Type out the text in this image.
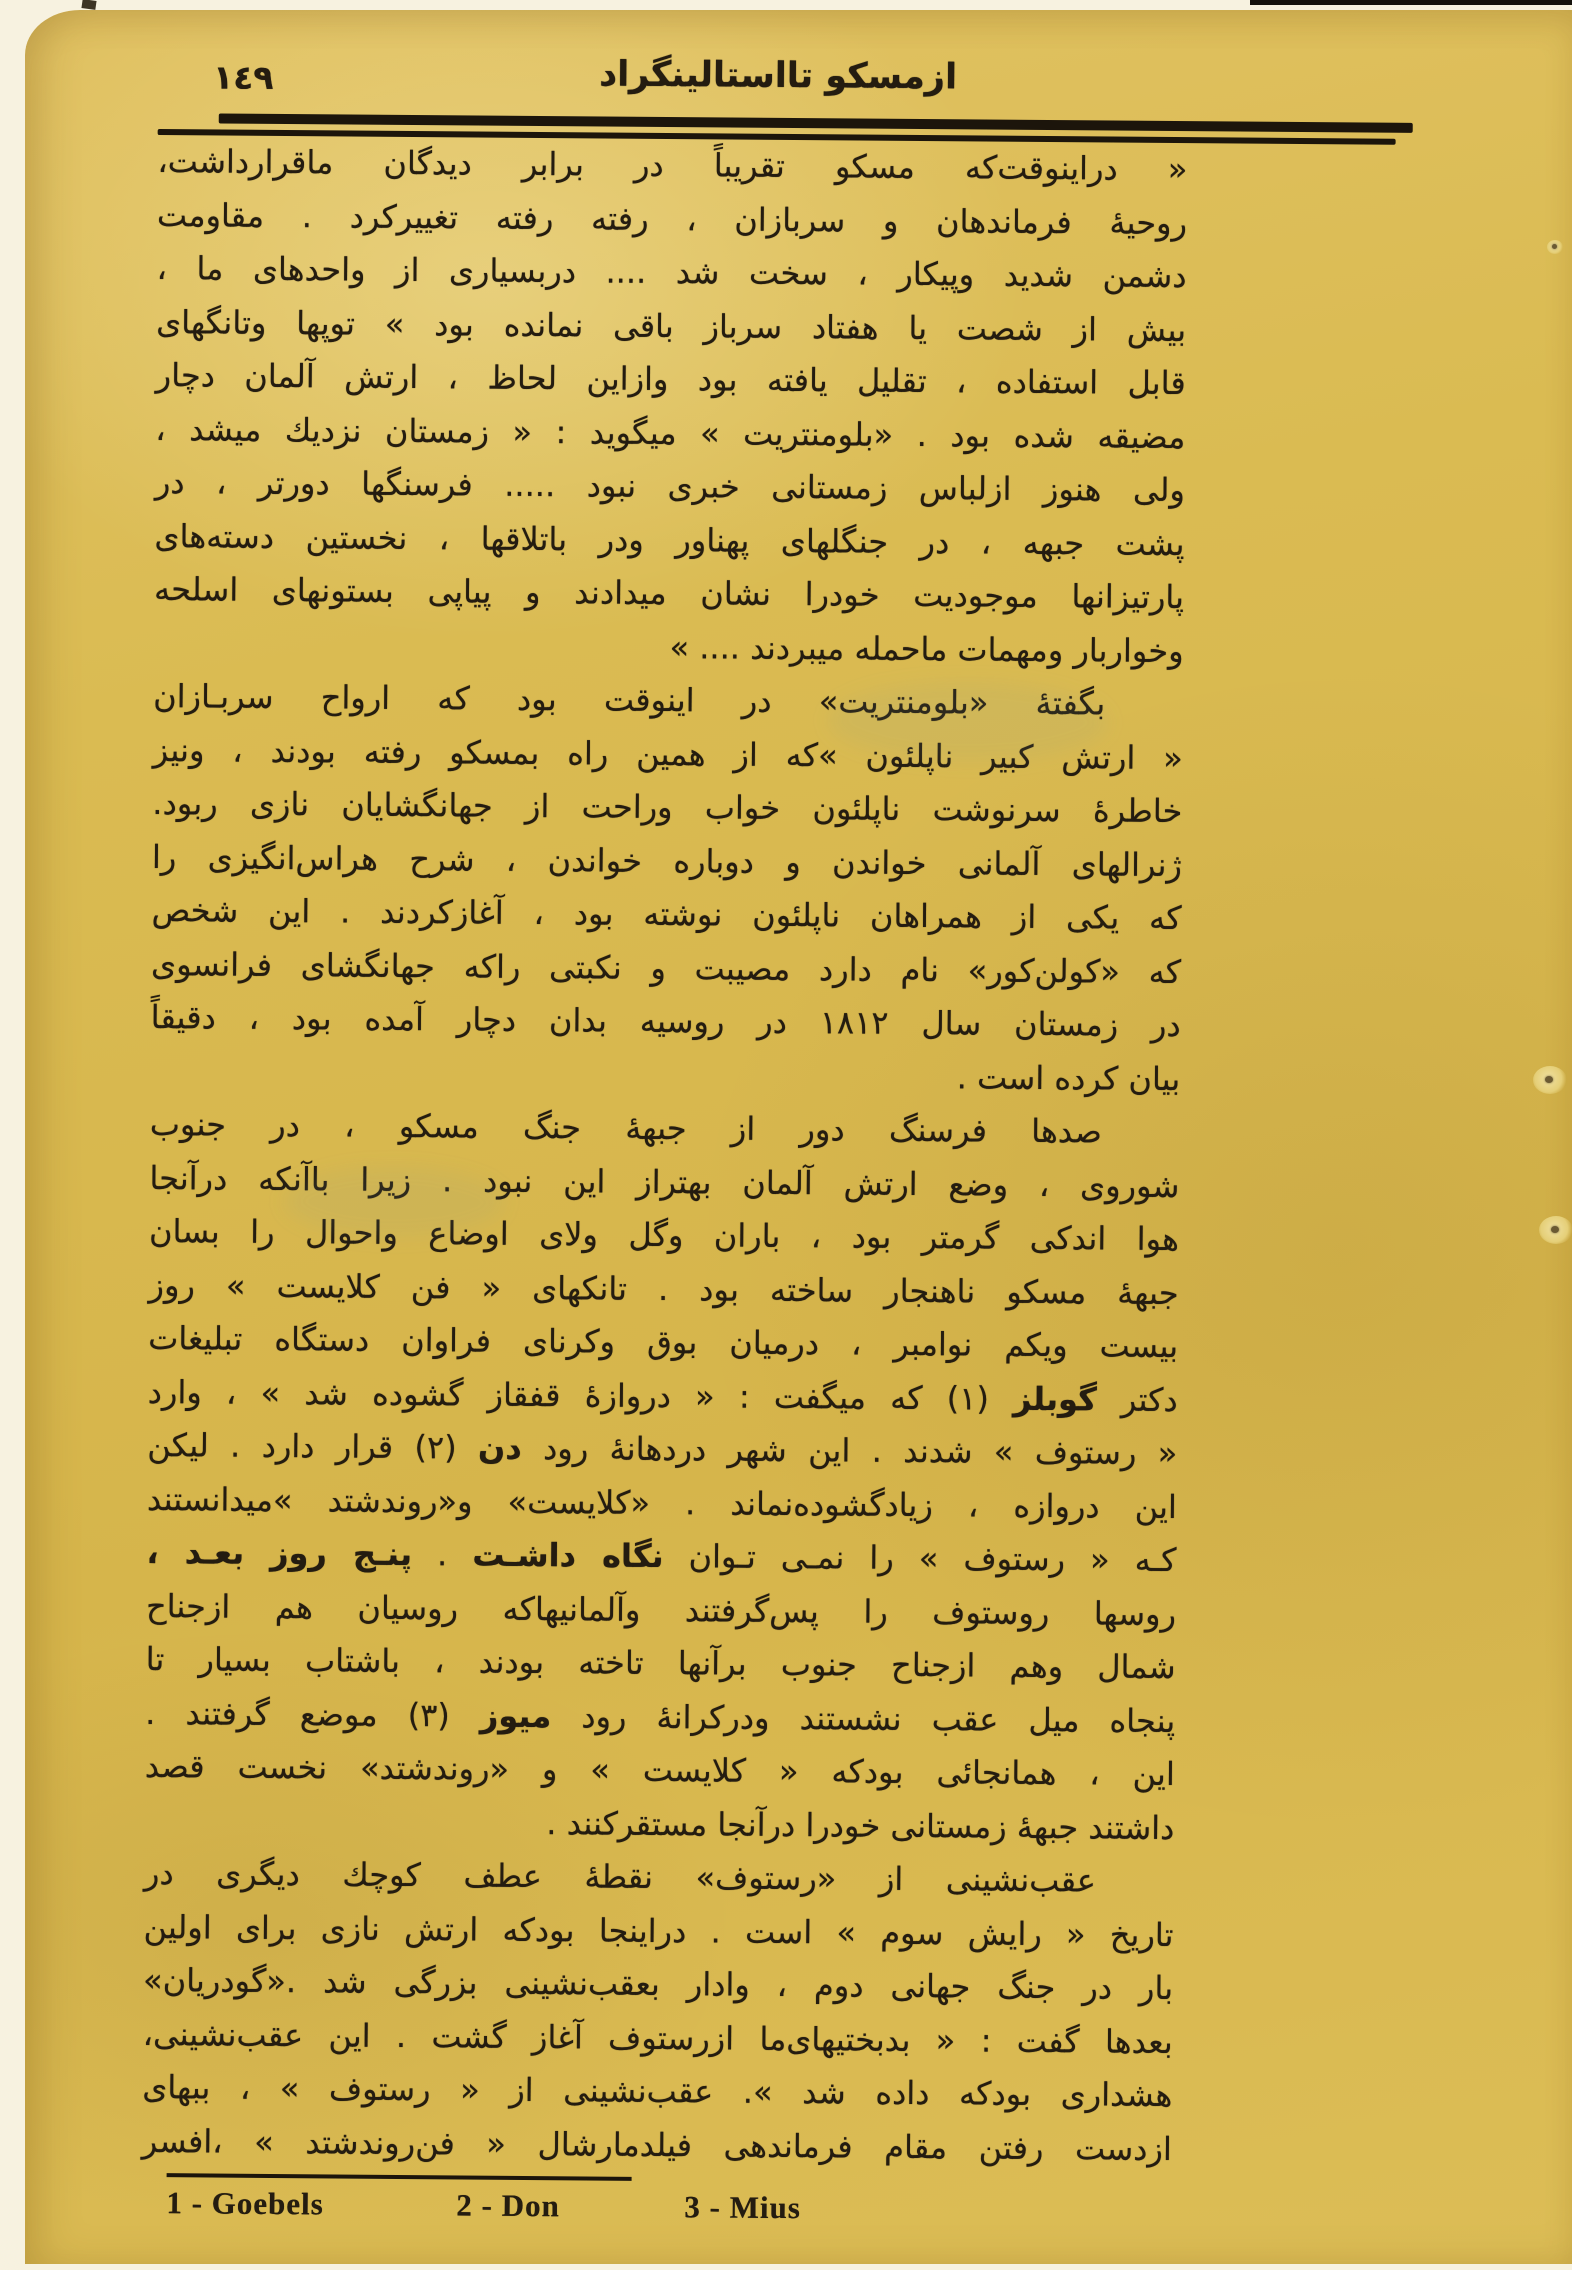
١٤٩	ازمسکو تااستالینگراد
« دراینوقت‌که مسکو تقریباً در برابر دیدگان ماقرارداشت،
روحیهٔ فرماندهان و سربازان ، رفته رفته تغییرکرد . مقاومت
دشمن شدید وپیکار ، سخت شد .... دربسیاری از واحدهای ما ،
بیش از شصت یا هفتاد سرباز باقی نمانده بود » توپها وتانگهای
قابل استفاده ، تقلیل یافته بود وازاین لحاظ ، ارتش آلمان دچار
مضیقه شده بود . «بلومنتریت » میگوید : « زمستان نزدیك میشد ،
ولی هنوز ازلباس زمستانی خبری نبود ..... فرسنگها دورتر ، در
پشت جبهه ، در جنگلهای پهناور ودر باتلاقها ، نخستین دسته‌های
پارتیزانها موجودیت خودرا نشان میدادند و پیاپی بستونهای اسلحه
وخواربار ومهمات ماحمله میبردند .... »
بگفتهٔ «بلومنتریت» در اینوقت بود که ارواح سربـازان
« ارتش کبیر ناپلئون »که از همین راه بمسکو رفته بودند ، ونیز
خاطرهٔ سرنوشت ناپلئون خواب وراحت از جهانگشایان نازی ربود.
ژنرالهای آلمانی خواندن و دوباره خواندن ، شرح هراس‌انگیزی را
که یکی از همراهان ناپلئون نوشته بود ، آغازکردند . این شخص
که «کولن‌کور» نام دارد مصیبت و نکبتی راکه جهانگشای فرانسوی
در زمستان سال ١٨١٢ در روسیه بدان دچار آمده بود ، دقیقاً
بیان کرده است .
صدها فرسنگ دور از جبههٔ جنگ مسکو ، در جنوب
شوروی ، وضع ارتش آلمان بهتراز این نبود . زیرا باآنکه درآنجا
هوا اندکی گرمتر بود ، باران وگل ولای اوضاع واحوال را بسان
جبههٔ مسکو ناهنجار ساخته بود . تانکهای « فن کلایست » روز
بیست ویکم نوامبر ، درمیان بوق وکرنای فراوان دستگاه تبلیغات
دکتر گوبلز (١) که میگفت : « دروازهٔ قفقاز گشوده شد » ، وارد
« رستوف » شدند . این شهر دردهانهٔ رود دن (٢) قرار دارد . لیکن
این دروازه ، زیادگشوده‌نماند . «کلایست» و«روندشتد »میدانستند
کـه « رستوف » را نمـی تـوان نگاه داشـت . پنـج روز بعـد ،
روسها روستوف را پس‌گرفتند وآلمانیهاکه روسیان هم ازجناح
شمال وهم ازجناح جنوب برآنها تاخته بودند ، باشتاب بسیار تا
پنجاه میل عقب نشستند ودرکرانهٔ رود میوز (٣) موضع گرفتند .
این ، همانجائی بودکه « کلایست » و «روندشتد» نخست قصد
داشتند جبههٔ زمستانی خودرا درآنجا مستقرکنند .
عقب‌نشینی از «رستوف» نقطهٔ عطف کوچك دیگری در
تاریخ « رایش سوم » است . دراینجا بودکه ارتش نازی برای اولین
بار در جنگ جهانی دوم ، وادار بعقب‌نشینی بزرگی شد .«گودریان»
بعدها گفت : « بدبختیهای‌ما ازرستوف آغاز گشت . این عقب‌نشینی،
هشداری بودکه داده شد ». عقب‌نشینی از « رستوف » ، ببهای
ازدست رفتن مقام فرماندهی فیلدمارشال « فن‌روندشتد » ،افسر
1 - Goebels	2 - Don	3 - Mius
